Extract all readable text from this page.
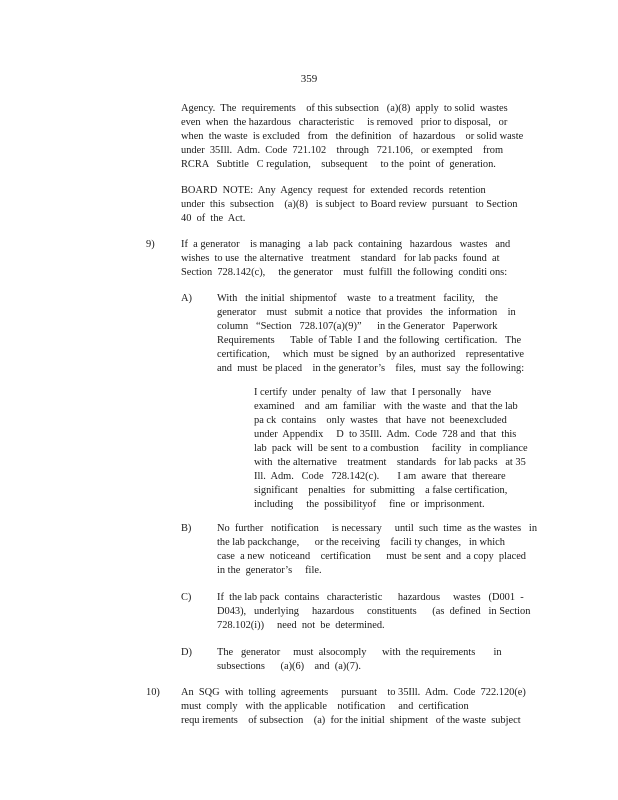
359

Agency.  The  requirements    of this subsection   (a)(8)  apply  to solid  wastes

even  when  the hazardous   characteristic     is removed   prior to disposal,   or

when  the waste  is excluded   from   the definition   of  hazardous    or solid waste

under  35Ill.  Adm.  Code  721.102    through   721.106,   or exempted    from

RCRA   Subtitle   C regulation,    subsequent     to the  point  of  generation.

BOARD  NOTE:  Any  Agency  request  for  extended  records  retention

under  this  subsection    (a)(8)   is subject  to Board review  pursuant   to Section

40  of  the  Act.

9)	If  a generator    is managing   a lab  pack  containing   hazardous   wastes   and

wishes  to use  the alternative   treatment    standard   for lab packs  found  at

Section  728.142(c),     the generator    must  fulfill  the following  conditi ons:

A) With   the initial  shipmentof    waste   to a treatment   facility,    the

generator    must   submit  a notice  that  provides   the  information    in

column   “Section   728.107(a)(9)”      in the Generator   Paperwork

Requirements      Table  of Table  I and  the following  certification.   The

certification,     which  must  be signed   by an authorized    representative

and  must  be placed    in the generator’s    files,  must  say  the following:

I certify  under  penalty  of  law  that  I personally    have

examined    and  am  familiar   with  the waste  and  that the lab

pa ck  contains    only  wastes   that  have  not  beenexcluded

under  Appendix     D  to 35Ill.  Adm.  Code  728 and  that  this

lab  pack  will  be sent  to a combustion     facility   in compliance

with  the alternative    treatment    standards   for lab packs   at 35

Ill.  Adm.   Code   728.142(c).       I am  aware  that  thereare

significant    penalties   for  submitting    a false certification,

including     the  possibilityof     fine  or  imprisonment.

B) No  further   notification     is necessary     until  such  time  as the wastes   in

the lab packchange,      or the receiving    facili ty changes,   in which

case  a new  noticeand    certification      must  be sent  and  a copy  placed

in the  generator’s     file.

C) If  the lab pack  contains   characteristic      hazardous     wastes   (D001  -

D043),   underlying     hazardous     constituents      (as  defined   in Section

728.102(i))     need  not  be  determined.

D) The   generator     must  alsocomply      with  the requirements       in

subsections      (a)(6)    and  (a)(7).

10) An  SQG  with  tolling  agreements     pursuant    to 35Ill.  Adm.  Code  722.120(e)

must  comply   with  the applicable    notification     and  certification

requ irements    of subsection    (a)  for the initial  shipment   of the waste  subject
